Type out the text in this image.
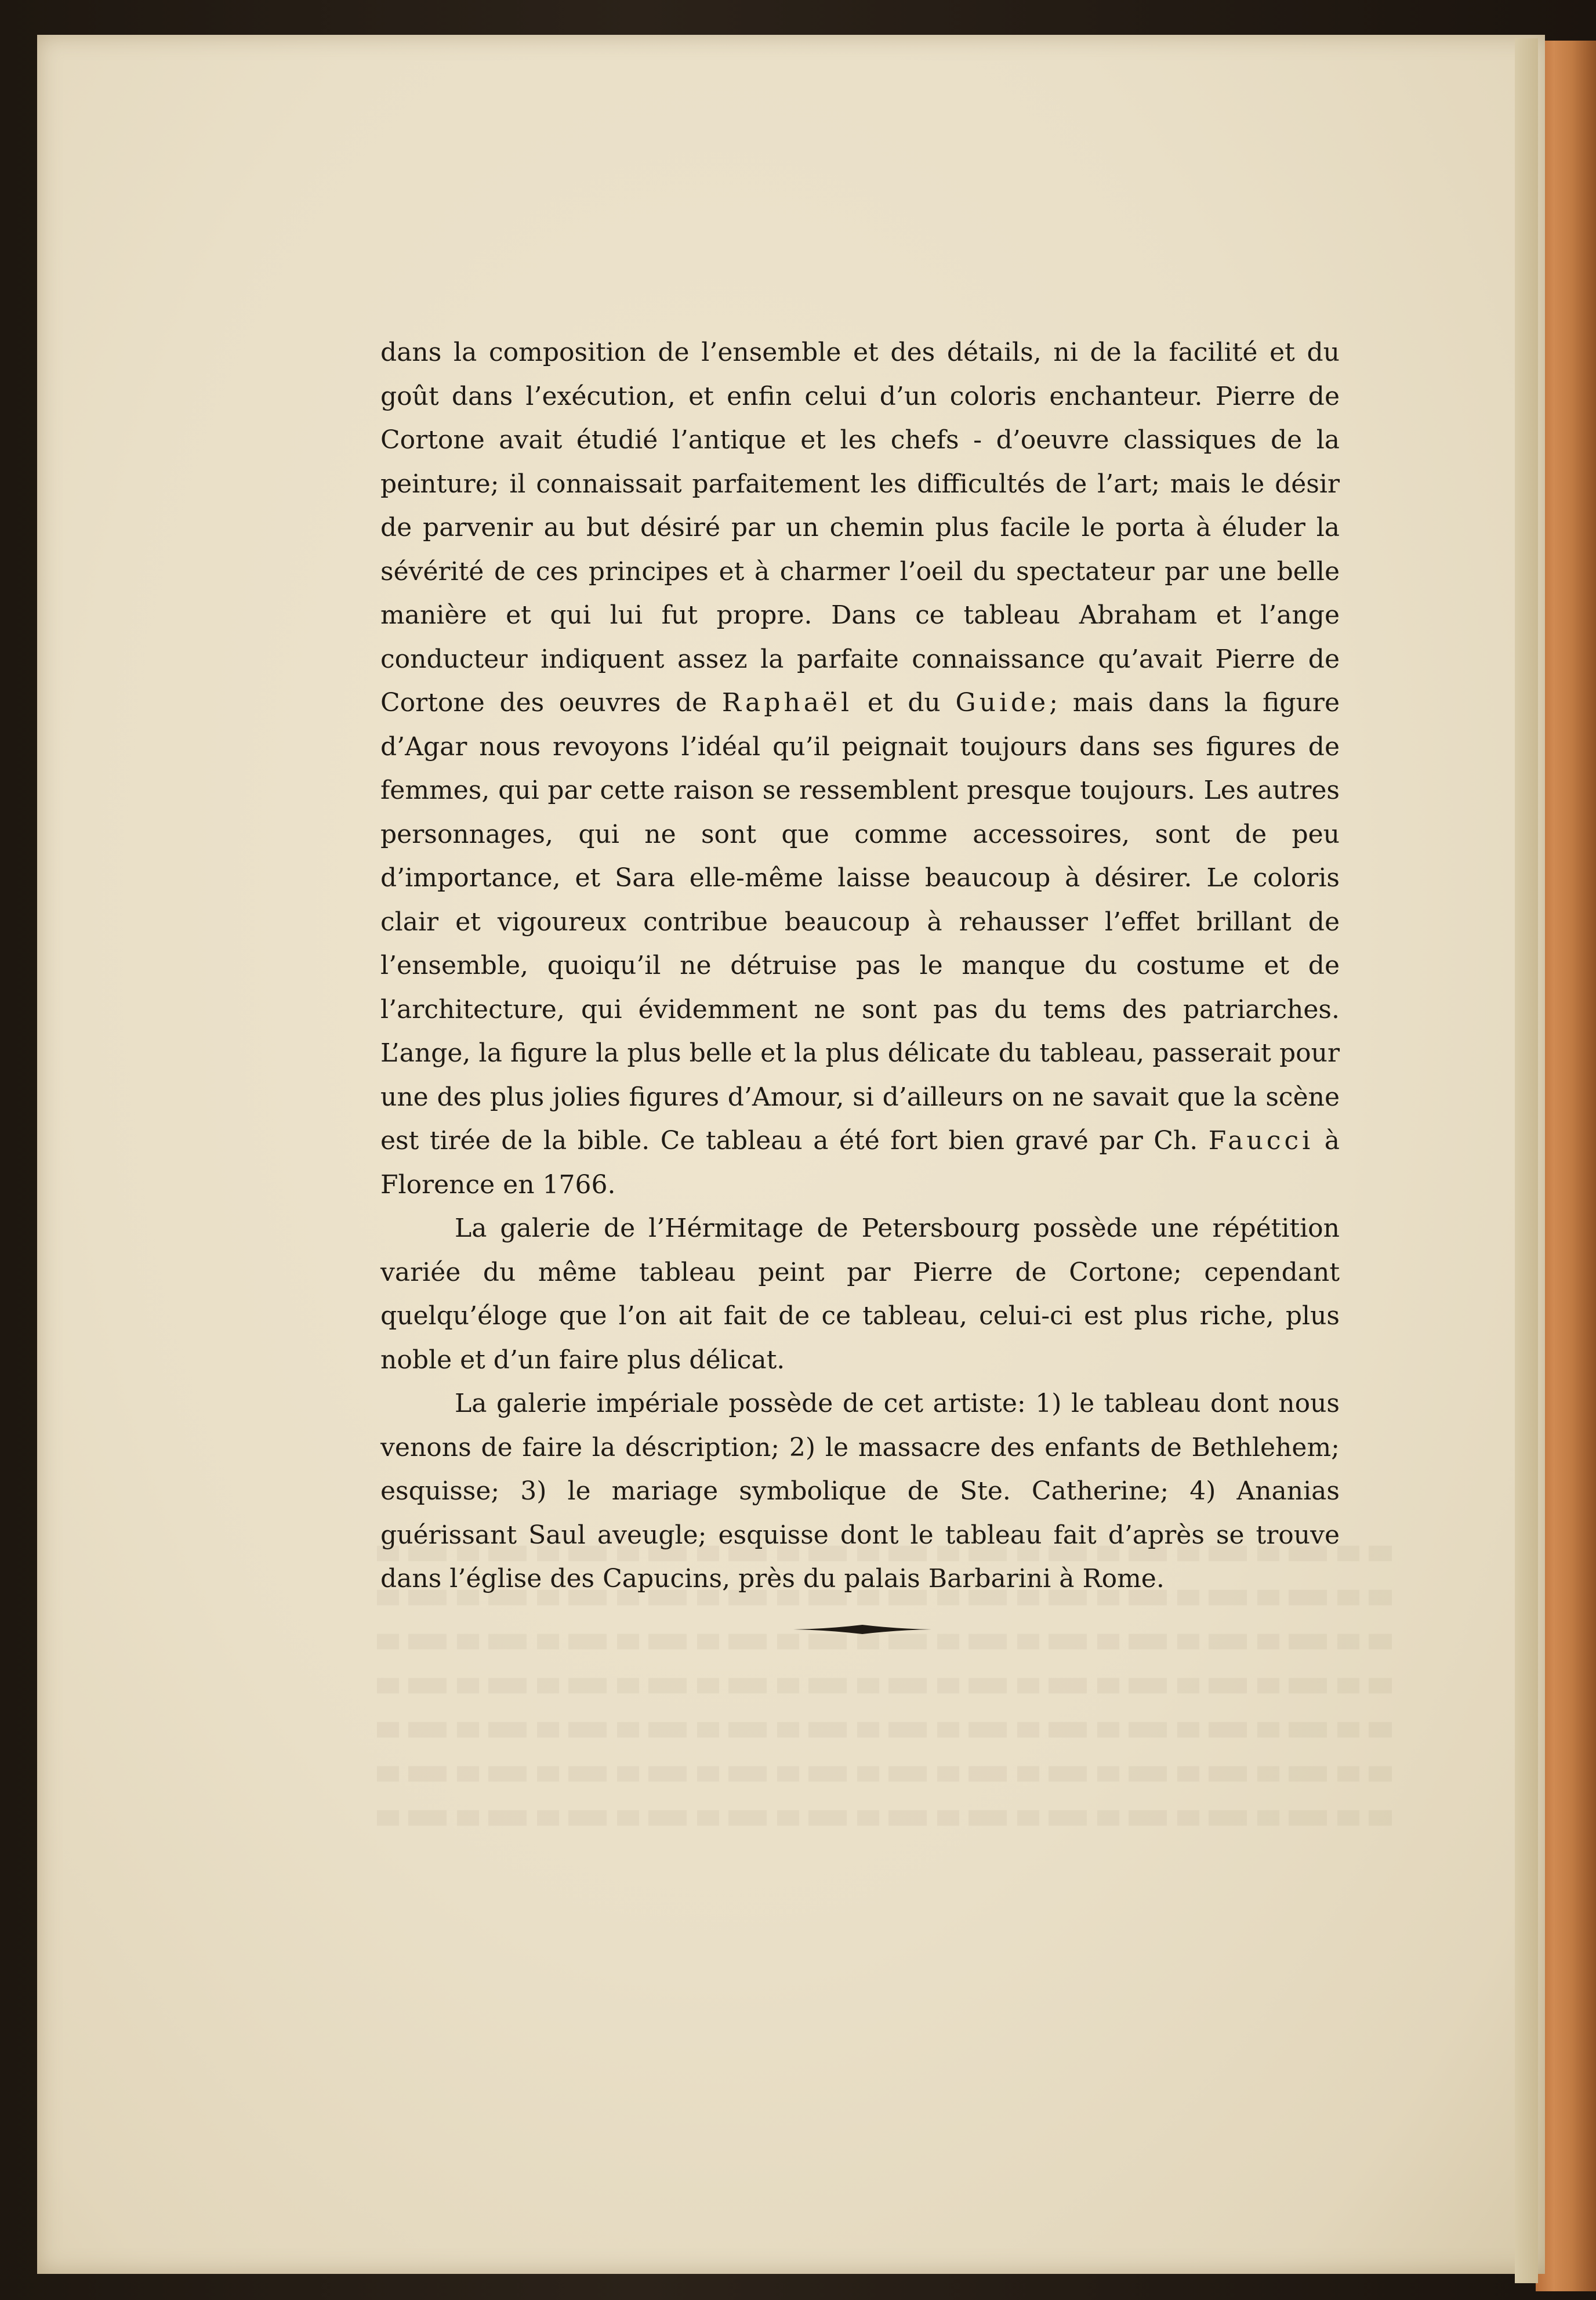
dans la composition de l’ensemble et des détails, ni de la facilité et du goût dans l’exécution, et enfin celui d’un coloris enchanteur. Pierre de Cortone avait étudié l’antique et les chefs - d’oeuvre classiques de la peinture; il connaissait parfaitement les difficultés de l’art; mais le désir de parvenir au but désiré par un chemin plus facile le porta à éluder la sévérité de ces principes et à charmer l’oeil du spectateur par une belle manière et qui lui fut propre. Dans ce tableau Abraham et l’ange conducteur indiquent assez la parfaite connaissance qu’avait Pierre de Cortone des oeuvres de Raphaël et du Guide; mais dans la figure d’Agar nous revoyons l’idéal qu’il peignait toujours dans ses figures de femmes, qui par cette raison se ressemblent presque toujours. Les autres personnages, qui ne sont que comme accessoires, sont de peu d’importance, et Sara elle-même laisse beaucoup à désirer. Le coloris clair et vigoureux contribue beaucoup à rehausser l’effet brillant de l’ensemble, quoiqu’il ne détruise pas le manque du costume et de l’architecture, qui évidemment ne sont pas du tems des patriarches. L’ange, la figure la plus belle et la plus délicate du tableau, passerait pour une des plus jolies figures d’Amour, si d’ailleurs on ne savait que la scène est tirée de la bible. Ce tableau a été fort bien gravé par Ch. Faucci à Florence en 1766.

La galerie de l’Hérmitage de Petersbourg possède une répétition variée du même tableau peint par Pierre de Cortone; cependant quelqu’éloge que l’on ait fait de ce tableau, celui-ci est plus riche, plus noble et d’un faire plus délicat.

La galerie impériale possède de cet artiste: 1) le tableau dont nous venons de faire la déscription; 2) le massacre des enfants de Bethlehem; esquisse; 3) le mariage symbolique de Ste. Catherine; 4) Ananias guérissant Saul aveugle; esquisse dont le tableau fait d’après se trouve dans l’église des Capucins, près du palais Barbarini à Rome.
